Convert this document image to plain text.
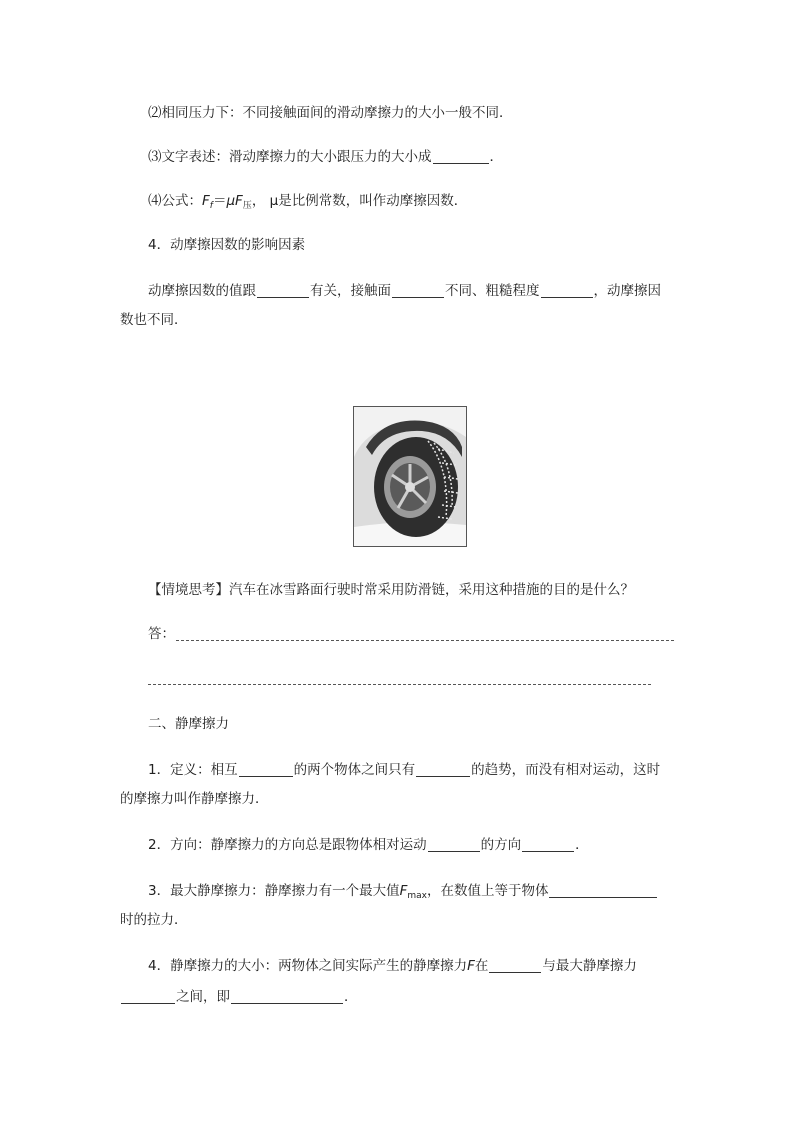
⑵相同压力下：不同接触面间的滑动摩擦力的大小一般不同．
⑶文字表述：滑动摩擦力的大小跟压力的大小成	．
⑷公式：$F_f=\mu F_压$， μ是比例常数，叫作动摩擦因数．
4．动摩擦因数的影响因素
动摩擦因数的值跟	有关，接触面	不同、粗糙程度	，动摩擦因
数也不同．
【情境思考】汽车在冰雪路面行驶时常采用防滑链，采用这种措施的目的是什么？
答：
二、静摩擦力
1．定义：相互	的两个物体之间只有	的趋势，而没有相对运动，这时
的摩擦力叫作静摩擦力．
2．方向：静摩擦力的方向总是跟物体相对运动	的方向	．
3．最大静摩擦力：静摩擦力有一个最大值$F_{max}$，在数值上等于物体
时的拉力．
4．静摩擦力的大小：两物体之间实际产生的静摩擦力F在	与最大静摩擦力
之间，即	．
